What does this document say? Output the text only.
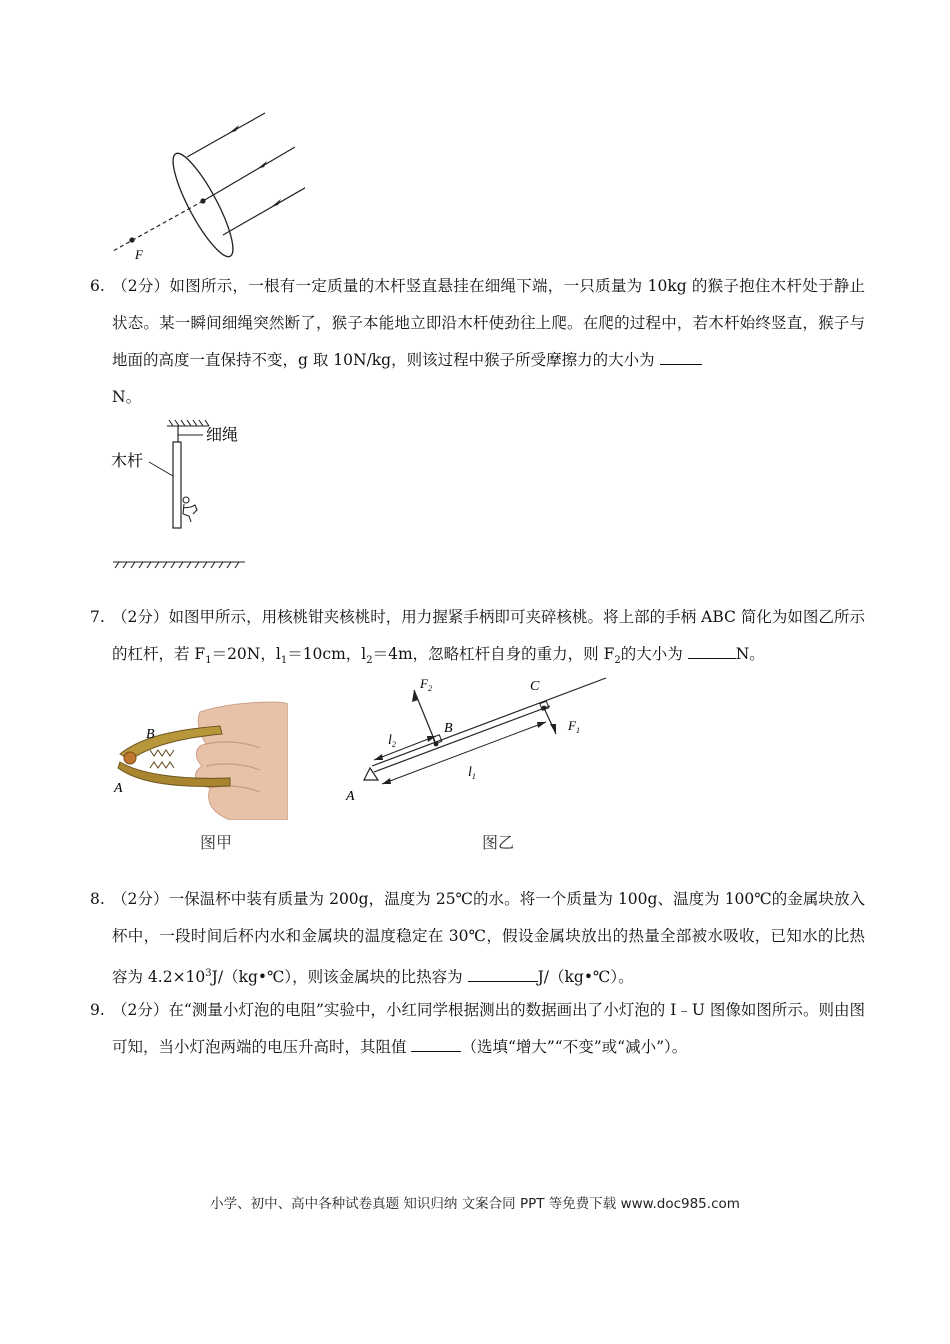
F
6. （2分）如图所示，一根有一定质量的木杆竖直悬挂在细绳下端，一只质量为 10kg 的猴子抱住木杆处于静止状态。某一瞬间细绳突然断了，猴子本能地立即沿木杆使劲往上爬。在爬的过程中，若木杆始终竖直，猴子与地面的高度一直保持不变，g 取 10N/kg，则该过程中猴子所受摩擦力的大小为
N。
细绳
木杆
7. （2分）如图甲所示，用核桃钳夹核桃时，用力握紧手柄即可夹碎核桃。将上部的手柄 ABC 简化为如图乙所示的杠杆，若 $F_1=20N$，$l_1=10cm$，$l_2=4m$，忽略杠杆自身的重力，则 $F_2$的大小为	N。
B
A
图甲
$F_2$	C
B	$F_1$
$l_2$
$l_1$
A
图乙
8. （2分）一保温杯中装有质量为 200g，温度为 25℃的水。将一个质量为 100g、温度为 100℃的金属块放入杯中，一段时间后杯内水和金属块的温度稳定在 30℃，假设金属块放出的热量全部被水吸收，已知水的比热容为 $4.2\times 10^3J/(kg•℃)$，则该金属块的比热容为	J/（kg•℃）。
9. （2分）在“测量小灯泡的电阻”实验中，小红同学根据测出的数据画出了小灯泡的 I﹣U 图像如图所示。则由图可知，当小灯泡两端的电压升高时，其阻值	（选填“增大”“不变”或“减小”）。
小学、初中、高中各种试卷真题 知识归纳 文案合同 PPT 等免费下载 www.doc985.com
